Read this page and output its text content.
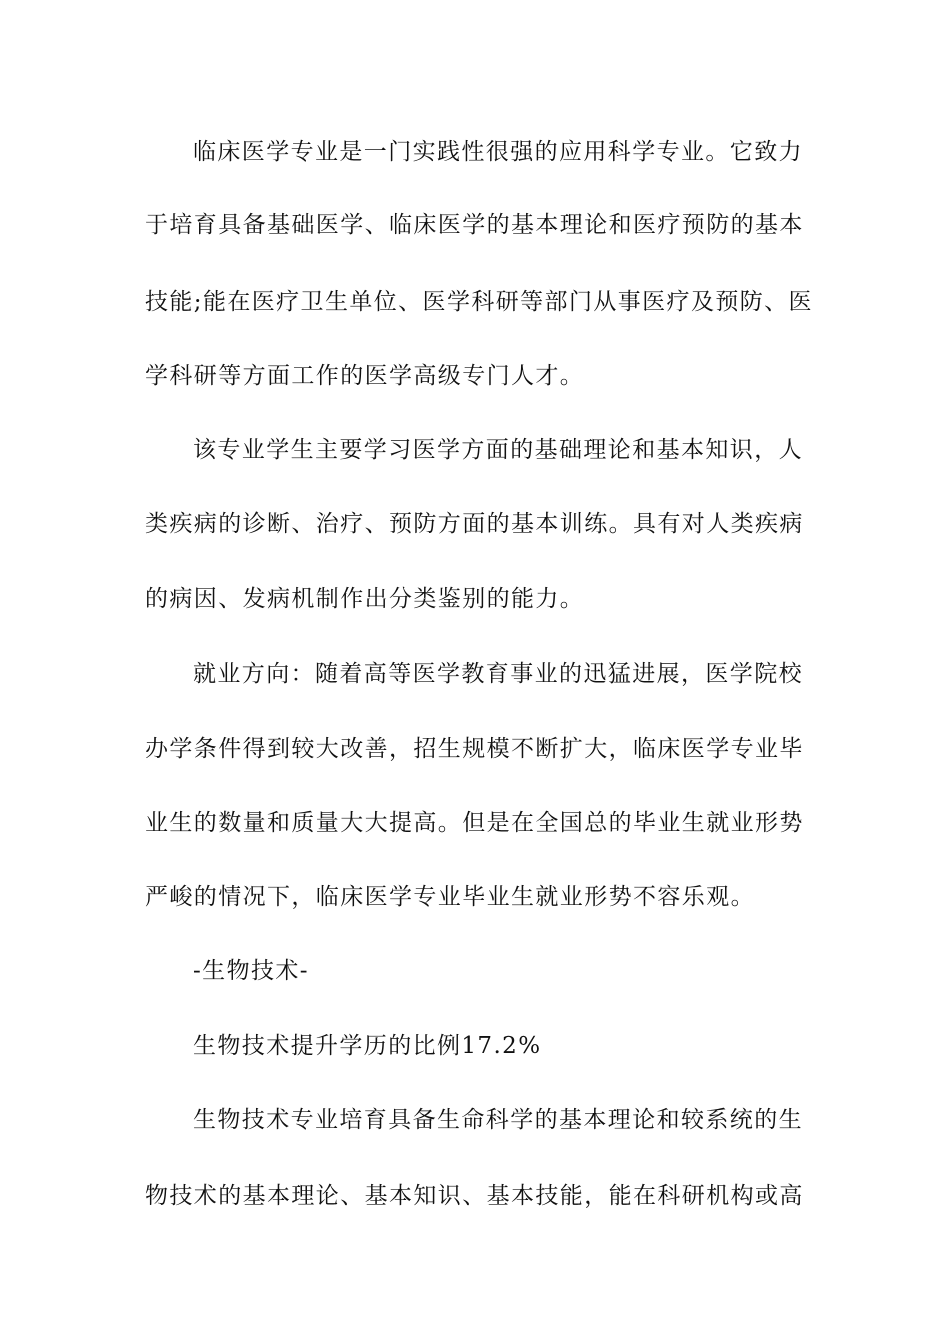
临床医学专业是一门实践性很强的应用科学专业。它致力
于培育具备基础医学、临床医学的基本理论和医疗预防的基本
技能;能在医疗卫生单位、医学科研等部门从事医疗及预防、医
学科研等方面工作的医学高级专门人才。
该专业学生主要学习医学方面的基础理论和基本知识，人
类疾病的诊断、治疗、预防方面的基本训练。具有对人类疾病
的病因、发病机制作出分类鉴别的能力。
就业方向：随着高等医学教育事业的迅猛进展，医学院校
办学条件得到较大改善，招生规模不断扩大，临床医学专业毕
业生的数量和质量大大提高。但是在全国总的毕业生就业形势
严峻的情况下，临床医学专业毕业生就业形势不容乐观。
-生物技术-
生物技术提升学历的比例17.2%
生物技术专业培育具备生命科学的基本理论和较系统的生
物技术的基本理论、基本知识、基本技能，能在科研机构或高
